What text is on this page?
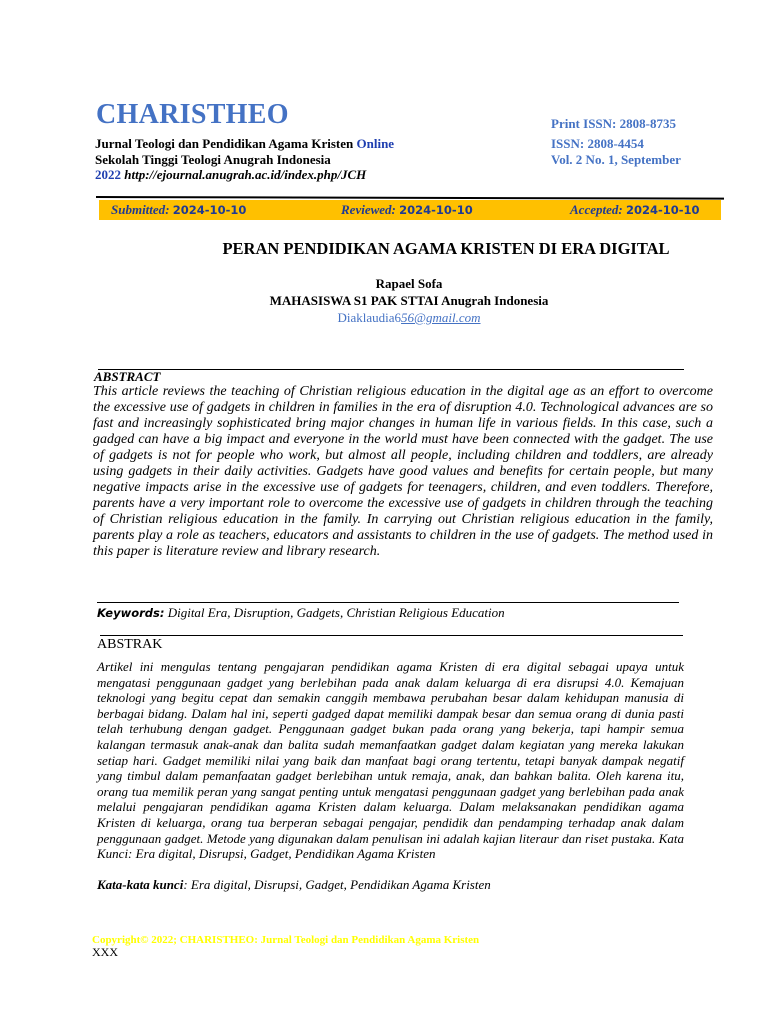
CHARISTHEO
Jurnal Teologi dan Pendidikan Agama Kristen Online
Sekolah Tinggi Teologi Anugrah Indonesia
2022 http://ejournal.anugrah.ac.id/index.php/JCH
Print ISSN: 2808-8735
ISSN: 2808-4454
Vol. 2 No. 1, September
Submitted: 2024-10-10	Reviewed: 2024-10-10	Accepted: 2024-10-10
PERAN PENDIDIKAN AGAMA KRISTEN DI ERA DIGITAL
Rapael Sofa
MAHASISWA S1 PAK STTAI Anugrah Indonesia
Diaklaudia656@gmail.com
ABSTRACT
This article reviews the teaching of Christian religious education in the digital age as an effort to overcome the excessive use of gadgets in children in families in the era of disruption 4.0. Technological advances are so fast and increasingly sophisticated bring major changes in human life in various fields. In this case, such a gadged can have a big impact and everyone in the world must have been connected with the gadget. The use of gadgets is not for people who work, but almost all people, including children and toddlers, are already using gadgets in their daily activities. Gadgets have good values and benefits for certain people, but many negative impacts arise in the excessive use of gadgets for teenagers, children, and even toddlers. Therefore, parents have a very important role to overcome the excessive use of gadgets in children through the teaching of Christian religious education in the family. In carrying out Christian religious education in the family, parents play a role as teachers, educators and assistants to children in the use of gadgets. The method used in this paper is literature review and library research.
Keywords: Digital Era, Disruption, Gadgets, Christian Religious Education
ABSTRAK
Artikel ini mengulas tentang pengajaran pendidikan agama Kristen di era digital sebagai upaya untuk mengatasi penggunaan gadget yang berlebihan pada anak dalam keluarga di era disrupsi 4.0. Kemajuan teknologi yang begitu cepat dan semakin canggih membawa perubahan besar dalam kehidupan manusia di berbagai bidang. Dalam hal ini, seperti gadged dapat memiliki dampak besar dan semua orang di dunia pasti telah terhubung dengan gadget. Penggunaan gadget bukan pada orang yang bekerja, tapi hampir semua kalangan termasuk anak-anak dan balita sudah memanfaatkan gadget dalam kegiatan yang mereka lakukan setiap hari. Gadget memiliki nilai yang baik dan manfaat bagi orang tertentu, tetapi banyak dampak negatif yang timbul dalam pemanfaatan gadget berlebihan untuk remaja, anak, dan bahkan balita. Oleh karena itu, orang tua memilik peran yang sangat penting untuk mengatasi penggunaan gadget yang berlebihan pada anak melalui pengajaran pendidikan agama Kristen dalam keluarga. Dalam melaksanakan pendidikan agama Kristen di keluarga, orang tua berperan sebagai pengajar, pendidik dan pendamping terhadap anak dalam penggunaan gadget. Metode yang digunakan dalam penulisan ini adalah kajian literaur dan riset pustaka. Kata Kunci: Era digital, Disrupsi, Gadget, Pendidikan Agama Kristen
Kata-kata kunci: Era digital, Disrupsi, Gadget, Pendidikan Agama Kristen
Copyright© 2022; CHARISTHEO: Jurnal Teologi dan Pendidikan Agama Kristen
XXX
